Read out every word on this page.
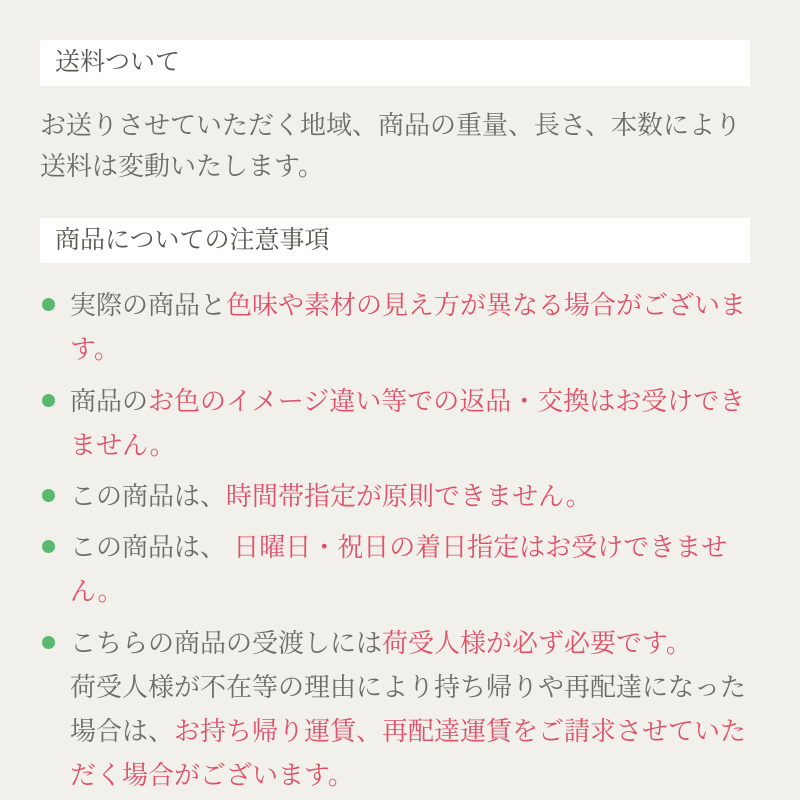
送料ついて

お送りさせていただく地域、商品の重量、長さ、本数により送料は変動いたします。

商品についての注意事項
実際の商品と色味や素材の見え方が異なる場合がございます。
商品のお色のイメージ違い等での返品・交換はお受けできません。
この商品は、時間帯指定が原則できません。
この商品は、 日曜日・祝日の着日指定はお受けできません。
こちらの商品の受渡しには荷受人様が必ず必要です。
荷受人様が不在等の理由により持ち帰りや再配達になった場合は、お持ち帰り運賃、再配達運賃をご請求させていただく場合がございます。
